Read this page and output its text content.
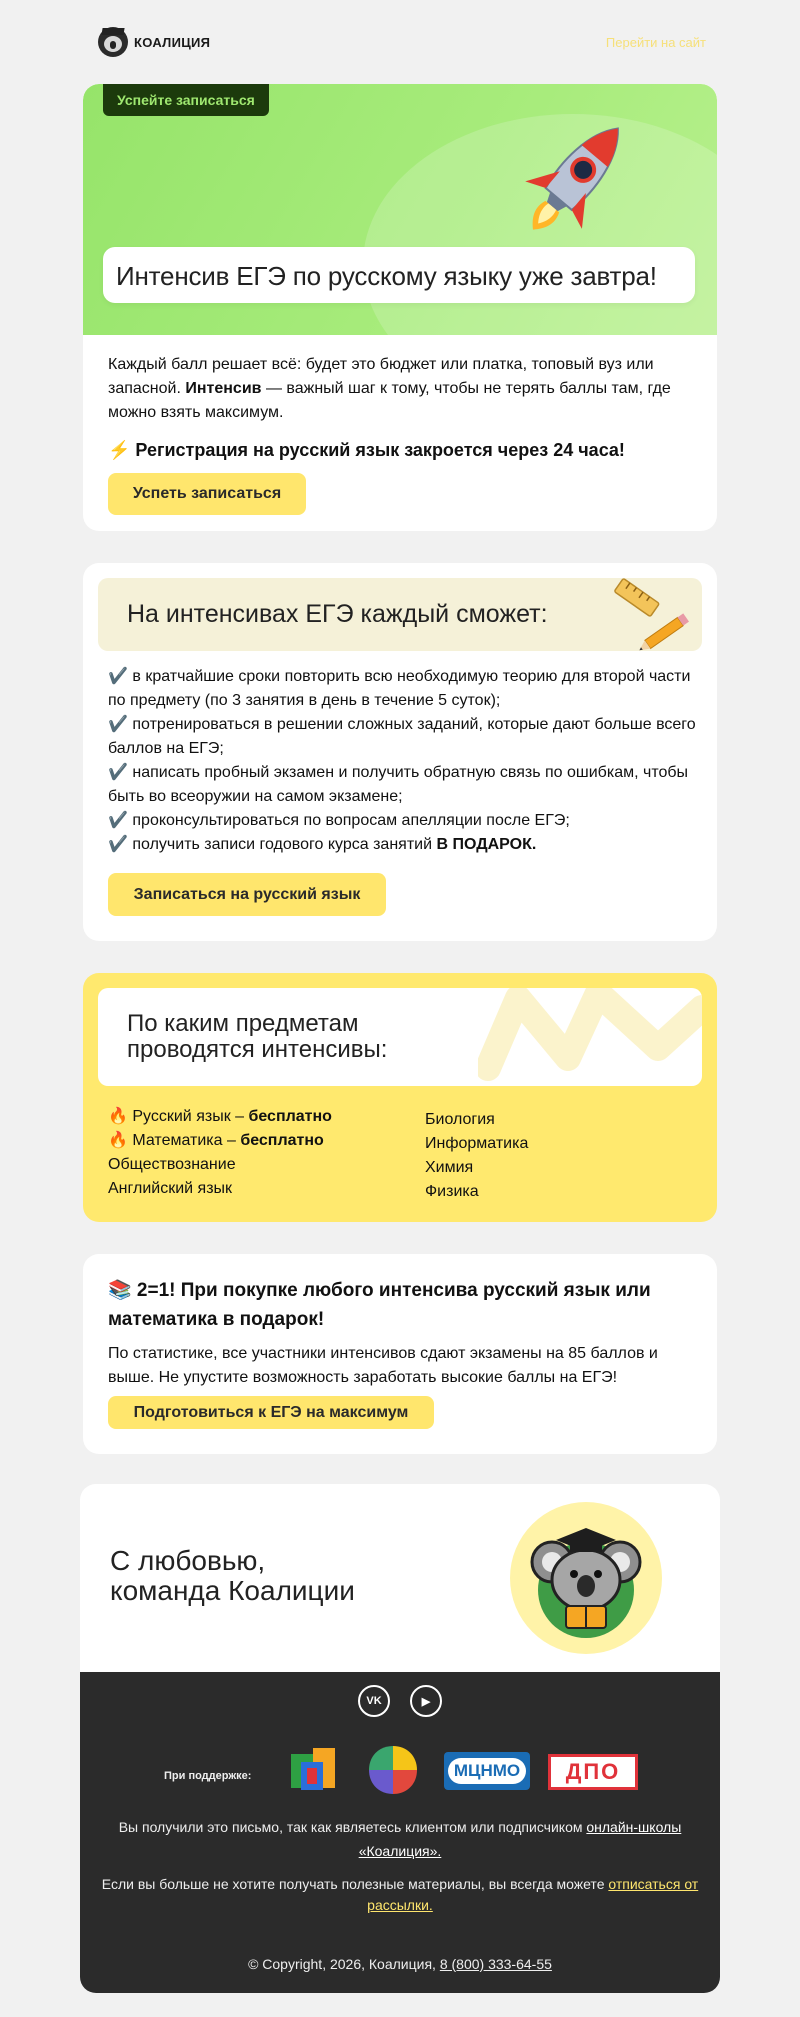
КОАЛИЦИЯ	Перейти на сайт
Успейте записаться
Интенсив ЕГЭ по русскому языку уже завтра!

Каждый балл решает всё: будет это бюджет или платка, топовый вуз или запасной. Интенсив — важный шаг к тому, чтобы не терять баллы там, где можно взять максимум.

⚡ Регистрация на русский язык закроется через 24 часа!

Успеть записаться
На интенсивах ЕГЭ каждый сможет:

✔️ в кратчайшие сроки повторить всю необходимую теорию для второй части по предмету (по 3 занятия в день в течение 5 суток);

✔️ потренироваться в решении сложных заданий, которые дают больше всего баллов на ЕГЭ;

✔️ написать пробный экзамен и получить обратную связь по ошибкам, чтобы быть во всеоружии на самом экзамене;

✔️ проконсультироваться по вопросам апелляции после ЕГЭ;

✔️ получить записи годового курса занятий В ПОДАРОК.

Записаться на русский язык
По каким предметам
проводятся интенсивы:
🔥 Русский язык – бесплатно
🔥 Математика – бесплатно
Обществознание
Английский язык
Биология
Информатика
Химия
Физика
📚 2=1! При покупке любого интенсива русский язык или математика в подарок!
По статистике, все участники интенсивов сдают экзамены на 85 баллов и выше. Не упустите возможность заработать высокие баллы на ЕГЭ!
Подготовиться к ЕГЭ на максимум
С любовью,
команда Коалиции
VK	▶
При поддержке:	МЦНМО ДПО
Вы получили это письмо, так как являетесь клиентом или подписчиком онлайн-школы «Коалиция».
Если вы больше не хотите получать полезные материалы, вы всегда можете отписаться от рассылки.
© Copyright, 2026, Коалиция, 8 (800) 333-64-55
